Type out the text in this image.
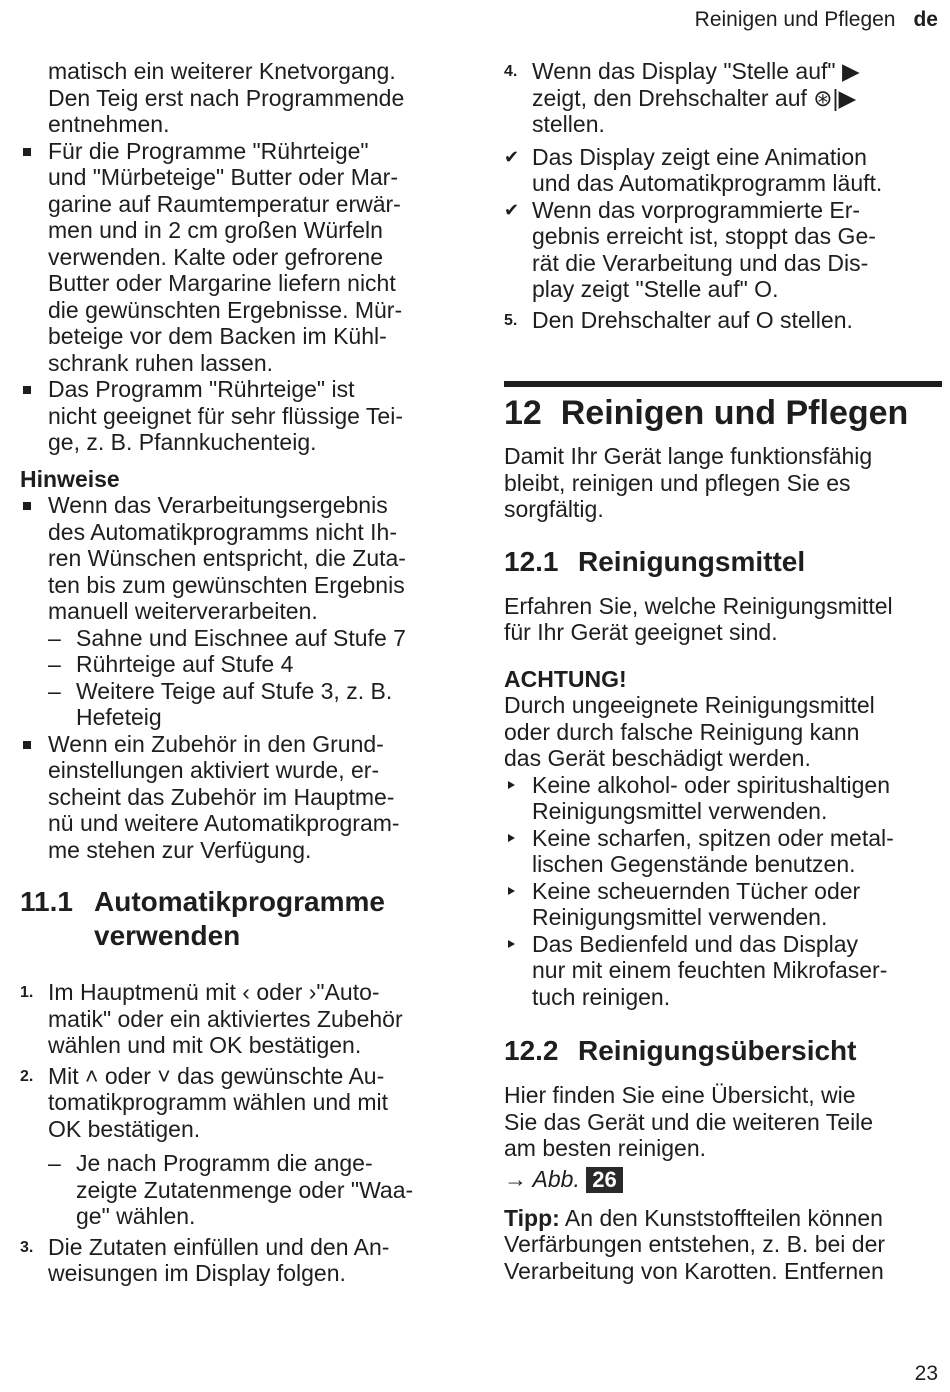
Reinigen und Pflegen de
matisch ein weiterer Knetvorgang.
Den Teig erst nach Programmende
entnehmen.
Für die Programme "Rührteige"
und "Mürbeteige" Butter oder Mar-
garine auf Raumtemperatur erwär-
men und in 2 cm großen Würfeln
verwenden. Kalte oder gefrorene
Butter oder Margarine liefern nicht
die gewünschten Ergebnisse. Mür-
beteige vor dem Backen im Kühl-
schrank ruhen lassen.
Das Programm "Rührteige" ist
nicht geeignet für sehr flüssige Tei-
ge, z. B. Pfannkuchenteig.
Hinweise
Wenn das Verarbeitungsergebnis
des Automatikprogramms nicht Ih-
ren Wünschen entspricht, die Zuta-
ten bis zum gewünschten Ergebnis
manuell weiterverarbeiten.
– Sahne und Eischnee auf Stufe 7
– Rührteige auf Stufe 4
– Weitere Teige auf Stufe 3, z. B.
Hefeteig
Wenn ein Zubehör in den Grund-
einstellungen aktiviert wurde, er-
scheint das Zubehör im Hauptme-
nü und weitere Automatikprogram-
me stehen zur Verfügung.
11.1 Automatikprogramme
verwenden
1. Im Hauptmenü mit ‹ oder ›"Auto-
matik" oder ein aktiviertes Zubehör
wählen und mit OK bestätigen.
2. Mit ˄ oder ˅ das gewünschte Au-
tomatikprogramm wählen und mit
OK bestätigen.
– Je nach Programm die ange-
zeigte Zutatenmenge oder "Waa-
ge" wählen.
3. Die Zutaten einfüllen und den An-
weisungen im Display folgen.
4. Wenn das Display "Stelle auf" ▶
zeigt, den Drehschalter auf ⊛|▶
stellen.
✔ Das Display zeigt eine Animation
und das Automatikprogramm läuft.
✔ Wenn das vorprogrammierte Er-
gebnis erreicht ist, stoppt das Ge-
rät die Verarbeitung und das Dis-
play zeigt "Stelle auf" O.
5. Den Drehschalter auf O stellen.
12 Reinigen und Pflegen
Damit Ihr Gerät lange funktionsfähig
bleibt, reinigen und pflegen Sie es
sorgfältig.
12.1 Reinigungsmittel
Erfahren Sie, welche Reinigungsmittel
für Ihr Gerät geeignet sind.
ACHTUNG!
Durch ungeeignete Reinigungsmittel
oder durch falsche Reinigung kann
das Gerät beschädigt werden.
Keine alkohol- oder spiritushaltigen
Reinigungsmittel verwenden.
Keine scharfen, spitzen oder metal-
lischen Gegenstände benutzen.
Keine scheuernden Tücher oder
Reinigungsmittel verwenden.
Das Bedienfeld und das Display
nur mit einem feuchten Mikrofaser-
tuch reinigen.
12.2 Reinigungsübersicht
Hier finden Sie eine Übersicht, wie
Sie das Gerät und die weiteren Teile
am besten reinigen.
→ Abb. 26
Tipp: An den Kunststoffteilen können
Verfärbungen entstehen, z. B. bei der
Verarbeitung von Karotten. Entfernen
23
